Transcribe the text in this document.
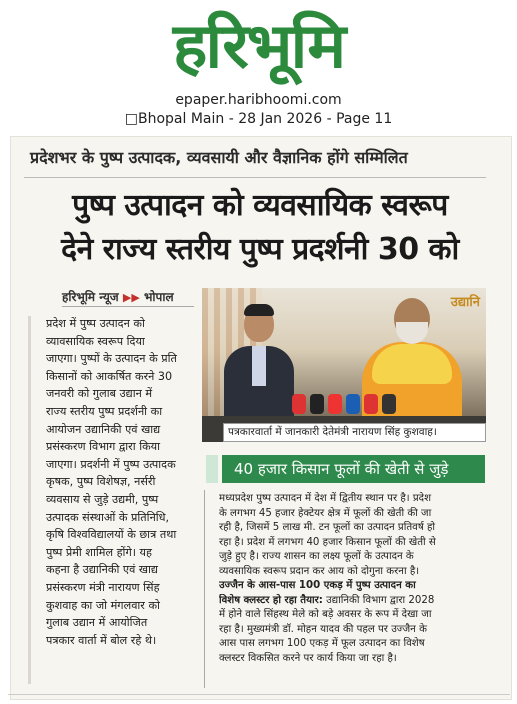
हरिभूमि
epaper.haribhoomi.com
□Bhopal Main - 28 Jan 2026 - Page 11
प्रदेशभर के पुष्प उत्पादक, व्यवसायी और वैज्ञानिक होंगे सम्मिलित
पुष्प उत्पादन को व्यवसायिक स्वरूप
देने राज्य स्तरीय पुष्प प्रदर्शनी 30 को
हरिभूमि न्यूज ▶▶ भोपाल
प्रदेश में पुष्प उत्पादन को
व्यावसायिक स्वरूप दिया
जाएगा। पुष्पों के उत्पादन के प्रति
किसानों को आकर्षित करने 30
जनवरी को गुलाब उद्यान में
राज्य स्तरीय पुष्प प्रदर्शनी का
आयोजन उद्यानिकी एवं खाद्य
प्रसंस्करण विभाग द्वारा किया
जाएगा। प्रदर्शनी में पुष्प उत्पादक
कृषक, पुष्प विशेषज्ञ, नर्सरी
व्यवसाय से जुड़े उद्यमी, पुष्प
उत्पादक संस्थाओं के प्रतिनिधि,
कृषि विश्वविद्यालयों के छात्र तथा
पुष्प प्रेमी शामिल होंगे। यह
कहना है उद्यानिकी एवं खाद्य
प्रसंस्करण मंत्री नारायण सिंह
कुशवाह का जो मंगलवार को
गुलाब उद्यान में आयोजित
पत्रकार वार्ता में बोल रहे थे।
उद्यानि
पत्रकारवार्ता में जानकारी देतेमंत्री नारायण सिंह कुशवाह।
40 हजार किसान फूलों की खेती से जुड़े
मध्यप्रदेश पुष्प उत्पादन में देश में द्वितीय स्थान पर है। प्रदेश
के लगभग 45 हजार हेक्टेयर क्षेत्र में फूलों की खेती की जा
रही है, जिसमें 5 लाख मी. टन फूलों का उत्पादन प्रतिवर्ष हो
रहा है। प्रदेश में लगभग 40 हजार किसान फूलों की खेती से
जुड़े हुए है। राज्य शासन का लक्ष्य फूलों के उत्पादन के
व्यवसायिक स्वरूप प्रदान कर आय को दोगुना करना है।
उज्जैन के आस-पास 100 एकड़ में पुष्प उत्पादन का
विशेष क्लस्टर हो रहा तैयार: उद्यानिकी विभाग द्वारा 2028
में होने वाले सिंहस्थ मेले को बड़े अवसर के रूप में देखा जा
रहा है। मुख्यमंत्री डॉ. मोहन यादव की पहल पर उज्जैन के
आस पास लगभग 100 एकड़ में फूल उत्पादन का विशेष
क्लस्टर विकसित करने पर कार्य किया जा रहा है।
